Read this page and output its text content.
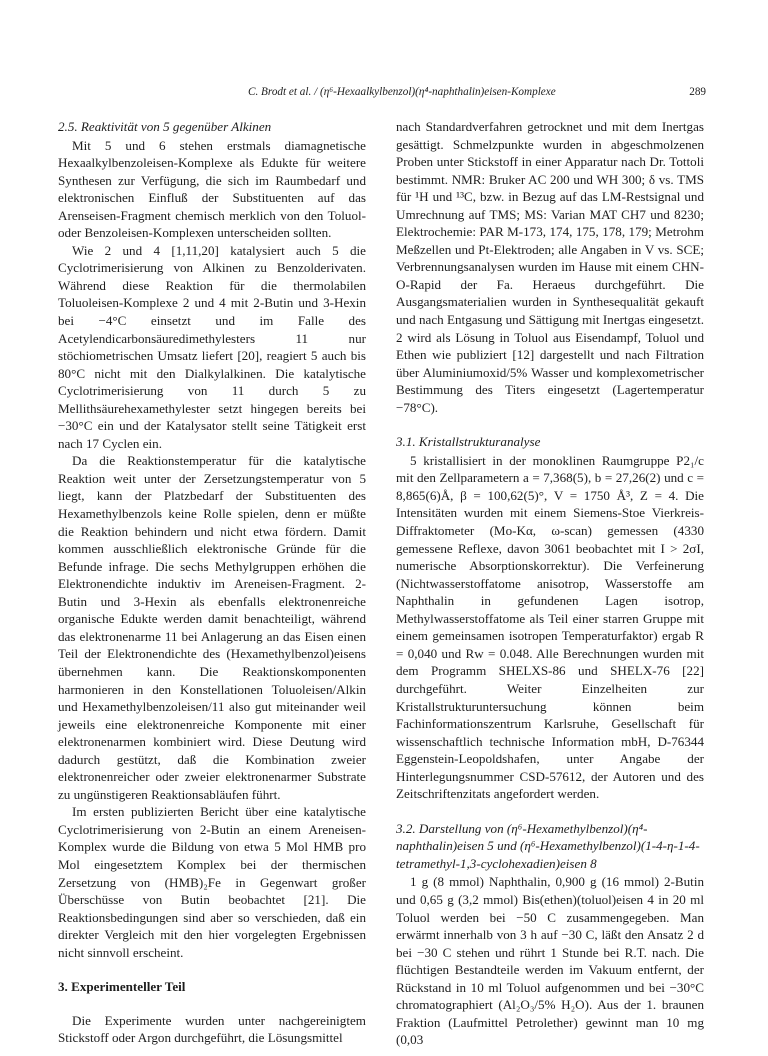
C. Brodt et al. / (η⁶-Hexaalkylbenzol)(η⁴-naphthalin)eisen-Komplexe	289

2.5. Reaktivität von 5 gegenüber Alkinen

Mit 5 und 6 stehen erstmals diamagnetische Hexaalkylbenzoleisen-Komplexe als Edukte für weitere Synthesen zur Verfügung, die sich im Raumbedarf und elektronischen Einfluß der Substituenten auf das Arenseisen-Fragment chemisch merklich von den Toluol- oder Benzoleisen-Komplexen unterscheiden sollten.

Wie 2 und 4 [1,11,20] katalysiert auch 5 die Cyclotrimerisierung von Alkinen zu Benzolderivaten. Während diese Reaktion für die thermolabilen Toluoleisen-Komplexe 2 und 4 mit 2-Butin und 3-Hexin bei −4°C einsetzt und im Falle des Acetylendicarbonsäuredimethylesters 11 nur stöchiometrischen Umsatz liefert [20], reagiert 5 auch bis 80°C nicht mit den Dialkylalkinen. Die katalytische Cyclotrimerisierung von 11 durch 5 zu Mellithsäurehexamethylester setzt hingegen bereits bei −30°C ein und der Katalysator stellt seine Tätigkeit erst nach 17 Cyclen ein.

Da die Reaktionstemperatur für die katalytische Reaktion weit unter der Zersetzungstemperatur von 5 liegt, kann der Platzbedarf der Substituenten des Hexamethylbenzols keine Rolle spielen, denn er müßte die Reaktion behindern und nicht etwa fördern. Damit kommen ausschließlich elektronische Gründe für die Befunde infrage. Die sechs Methylgruppen erhöhen die Elektronendichte induktiv im Areneisen-Fragment. 2-Butin und 3-Hexin als ebenfalls elektronenreiche organische Edukte werden damit benachteiligt, während das elektronenarme 11 bei Anlagerung an das Eisen einen Teil der Elektronendichte des (Hexamethylbenzol)eisens übernehmen kann. Die Reaktionskomponenten harmonieren in den Konstellationen Toluoleisen/Alkin und Hexamethylbenzoleisen/11 also gut miteinander weil jeweils eine elektronenreiche Komponente mit einer elektronenarmen kombiniert wird. Diese Deutung wird dadurch gestützt, daß die Kombination zweier elektronenreicher oder zweier elektronenarmer Substrate zu ungünstigeren Reaktionsabläufen führt.

Im ersten publizierten Bericht über eine katalytische Cyclotrimerisierung von 2-Butin an einem Areneisen-Komplex wurde die Bildung von etwa 5 Mol HMB pro Mol eingesetztem Komplex bei der thermischen Zersetzung von (HMB)₂Fe in Gegenwart großer Überschüsse von Butin beobachtet [21]. Die Reaktionsbedingungen sind aber so verschieden, daß ein direkter Vergleich mit den hier vorgelegten Ergebnissen nicht sinnvoll erscheint.

3. Experimenteller Teil

Die Experimente wurden unter nachgereinigtem Stickstoff oder Argon durchgeführt, die Lösungsmittel

nach Standardverfahren getrocknet und mit dem Inertgas gesättigt. Schmelzpunkte wurden in abgeschmolzenen Proben unter Stickstoff in einer Apparatur nach Dr. Tottoli bestimmt. NMR: Bruker AC 200 und WH 300; δ vs. TMS für ¹H und ¹³C, bzw. in Bezug auf das LM-Restsignal und Umrechnung auf TMS; MS: Varian MAT CH7 und 8230; Elektrochemie: PAR M-173, 174, 175, 178, 179; Metrohm Meßzellen und Pt-Elektroden; alle Angaben in V vs. SCE; Verbrennungsanalysen wurden im Hause mit einem CHN-O-Rapid der Fa. Heraeus durchgeführt. Die Ausgangsmaterialien wurden in Synthesequalität gekauft und nach Entgasung und Sättigung mit Inertgas eingesetzt. 2 wird als Lösung in Toluol aus Eisendampf, Toluol und Ethen wie publiziert [12] dargestellt und nach Filtration über Aluminiumoxid/5% Wasser und komplexometrischer Bestimmung des Titers eingesetzt (Lagertemperatur −78°C).

3.1. Kristallstrukturanalyse

5 kristallisiert in der monoklinen Raumgruppe P2₁/c mit den Zellparametern a = 7,368(5), b = 27,26(2) und c = 8,865(6)Å, β = 100,62(5)°, V = 1750 Å³, Z = 4. Die Intensitäten wurden mit einem Siemens-Stoe Vierkreis-Diffraktometer (Mo-Kα, ω-scan) gemessen (4330 gemessene Reflexe, davon 3061 beobachtet mit I > 2σI, numerische Absorptionskorrektur). Die Verfeinerung (Nichtwasserstoffatome anisotrop, Wasserstoffe am Naphthalin in gefundenen Lagen isotrop, Methylwasserstoffatome als Teil einer starren Gruppe mit einem gemeinsamen isotropen Temperaturfaktor) ergab R = 0,040 und Rw = 0.048. Alle Berechnungen wurden mit dem Programm SHELXS-86 und SHELX-76 [22] durchgeführt. Weiter Einzelheiten zur Kristallstrukturuntersuchung können beim Fachinformationszentrum Karlsruhe, Gesellschaft für wissenschaftlich technische Information mbH, D-76344 Eggenstein-Leopoldshafen, unter Angabe der Hinterlegungsnummer CSD-57612, der Autoren und des Zeitschriftenzitats angefordert werden.

3.2. Darstellung von (η⁶-Hexamethylbenzol)(η⁴-naphthalin)eisen 5 und (η⁶-Hexamethylbenzol)(1-4-η-1-4-tetramethyl-1,3-cyclohexadien)eisen 8

1 g (8 mmol) Naphthalin, 0,900 g (16 mmol) 2-Butin und 0,65 g (3,2 mmol) Bis(ethen)(toluol)eisen 4 in 20 ml Toluol werden bei −50 C zusammengegeben. Man erwärmt innerhalb von 3 h auf −30 C, läßt den Ansatz 2 d bei −30 C stehen und rührt 1 Stunde bei R.T. nach. Die flüchtigen Bestandteile werden im Vakuum entfernt, der Rückstand in 10 ml Toluol aufgenommen und bei −30°C chromatographiert (Al₂O₃/5% H₂O). Aus der 1. braunen Fraktion (Laufmittel Petrolether) gewinnt man 10 mg (0,03
